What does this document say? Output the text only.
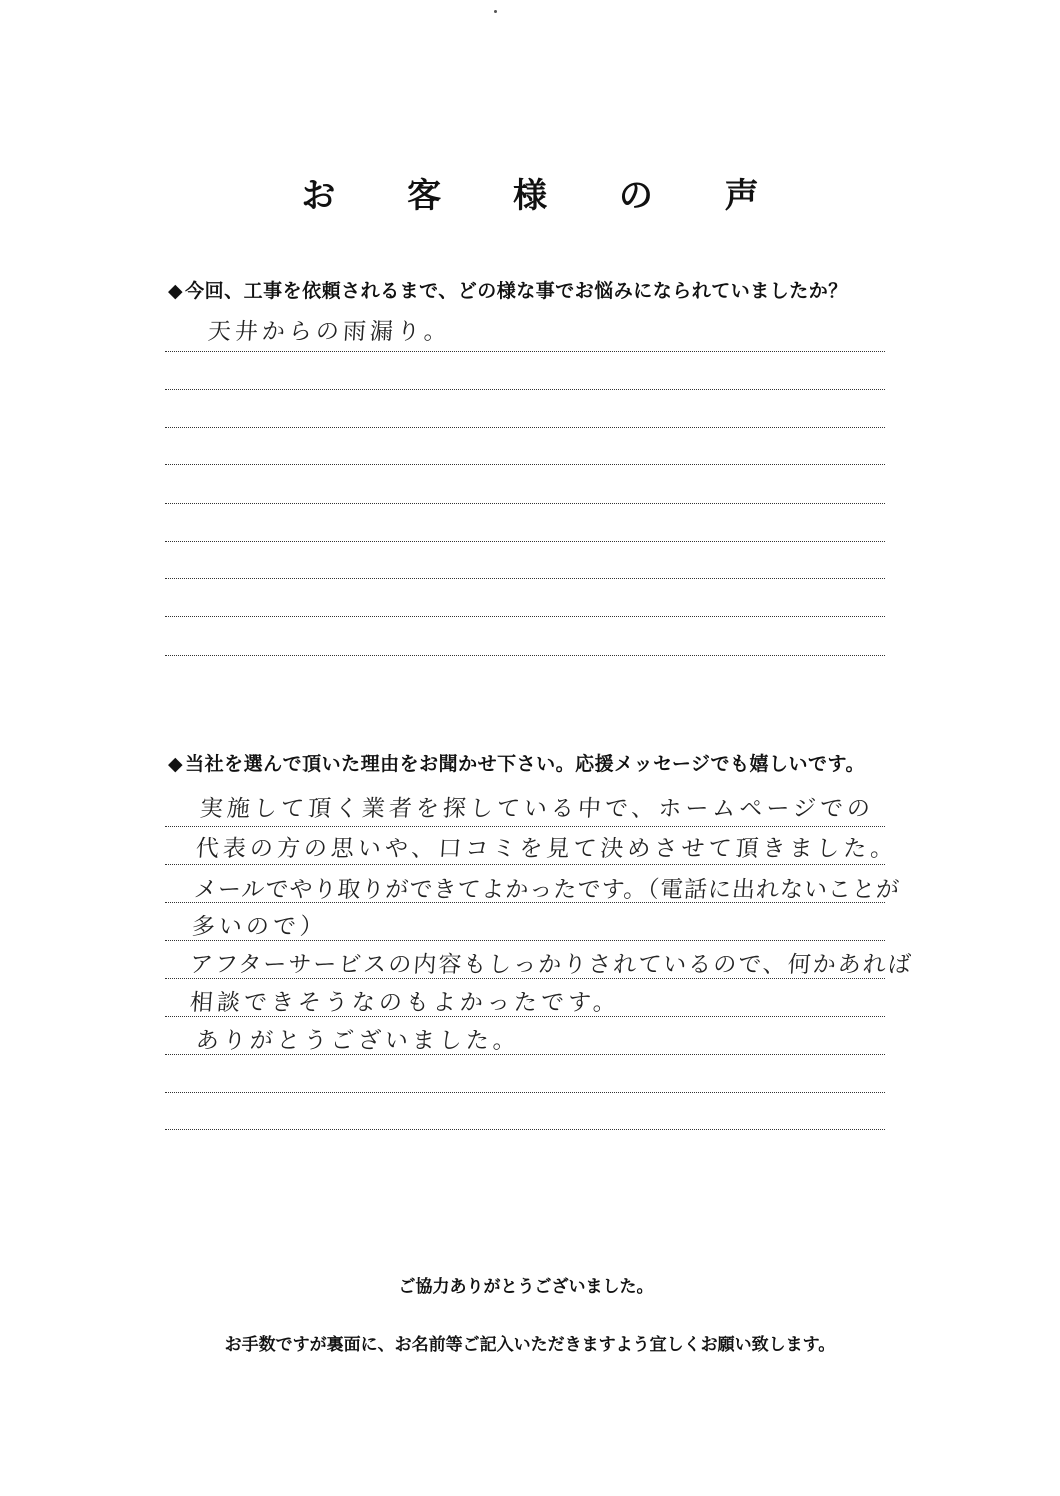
お 客 様 の 声
◆ 今回、工事を依頼されるまで、どの様な事でお悩みになられていましたか？
天井からの雨漏り。
◆ 当社を選んで頂いた理由をお聞かせ下さい。応援メッセージでも嬉しいです。
実施して頂く業者を探している中で、ホームページでの
代表の方の思いや、口コミを見て決めさせて頂きました。
メールでやり取りができてよかったです。（電話に出れないことが
多いので）
アフターサービスの内容もしっかりされているので、何かあれば
相談できそうなのもよかったです。
ありがとうございました。
ご協力ありがとうございました。
お手数ですが裏面に、お名前等ご記入いただきますよう宜しくお願い致します。
